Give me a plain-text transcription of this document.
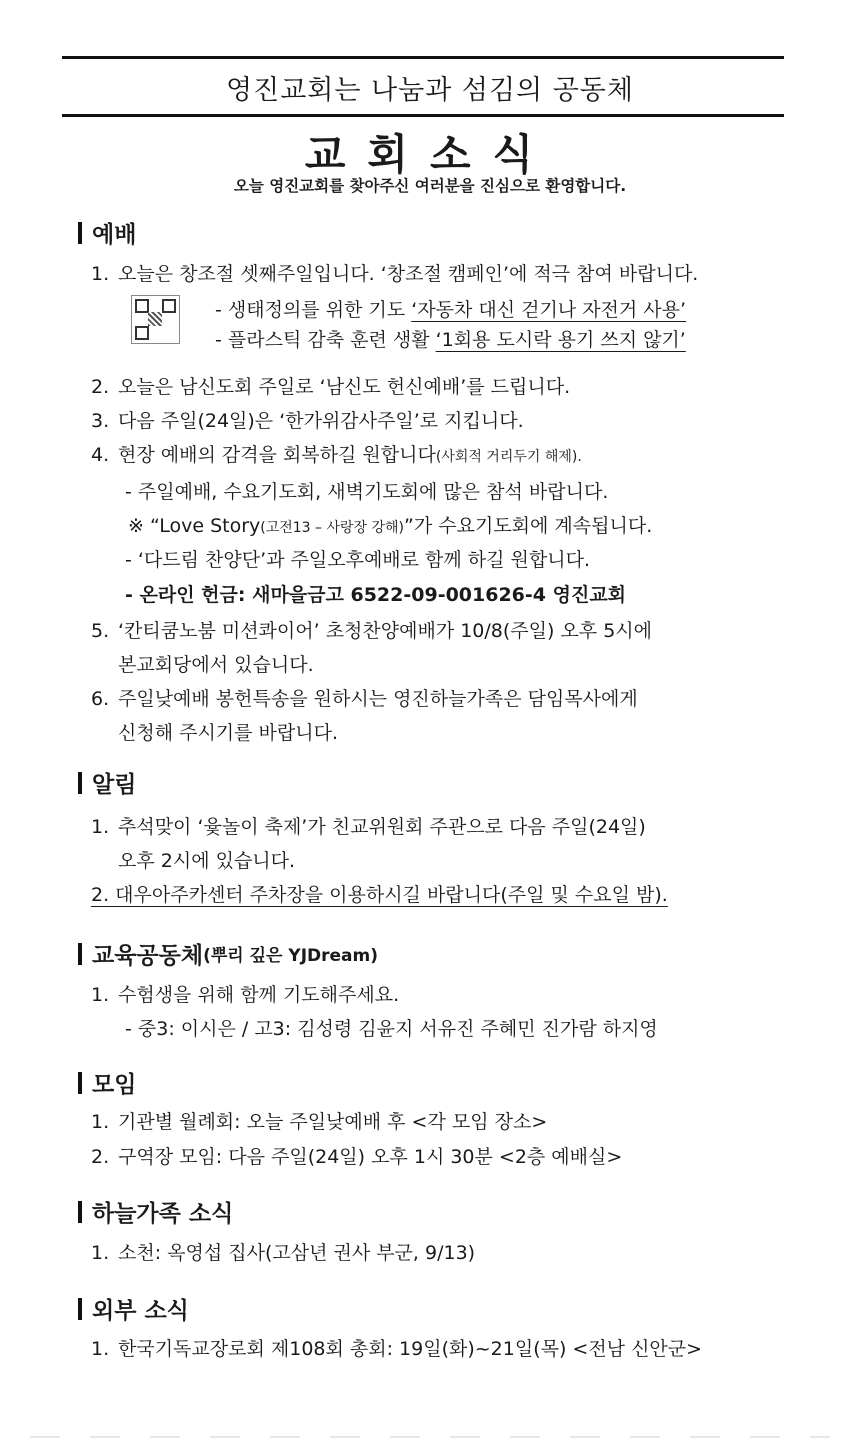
영진교회는 나눔과 섬김의 공동체
교회소식
오늘 영진교회를 찾아주신 여러분을 진심으로 환영합니다.
예배
1. 오늘은 창조절 셋째주일입니다. ‘창조절 캠페인’에 적극 참여 바랍니다.
- 생태정의를 위한 기도 ‘자동차 대신 걷기나 자전거 사용’
- 플라스틱 감축 훈련 생활 ‘1회용 도시락 용기 쓰지 않기’
2. 오늘은 남신도회 주일로 ‘남신도 헌신예배’를 드립니다.
3. 다음 주일(24일)은 ‘한가위감사주일’로 지킵니다.
4. 현장 예배의 감격을 회복하길 원합니다(사회적 거리두기 해제).
- 주일예배, 수요기도회, 새벽기도회에 많은 참석 바랍니다.
※ “Love Story(고전13 – 사랑장 강해)”가 수요기도회에 계속됩니다.
- ‘다드림 찬양단’과 주일오후예배로 함께 하길 원합니다.
- 온라인 헌금: 새마을금고 6522-09-001626-4 영진교회
5. ‘칸티쿰노붐 미션콰이어’ 초청찬양예배가 10/8(주일) 오후 5시에
본교회당에서 있습니다.
6. 주일낮예배 봉헌특송을 원하시는 영진하늘가족은 담임목사에게
신청해 주시기를 바랍니다.
알림
1. 추석맞이 ‘윷놀이 축제’가 친교위원회 주관으로 다음 주일(24일)
오후 2시에 있습니다.
2. 대우아주카센터 주차장을 이용하시길 바랍니다(주일 및 수요일 밤).
교육공동체 (뿌리 깊은 YJDream)
1. 수험생을 위해 함께 기도해주세요.
- 중3: 이시은 / 고3: 김성령 김윤지 서유진 주혜민 진가람 하지영
모임
1. 기관별 월례회: 오늘 주일낮예배 후 <각 모임 장소>
2. 구역장 모임: 다음 주일(24일) 오후 1시 30분 <2층 예배실>
하늘가족 소식
1. 소천: 옥영섭 집사(고삼년 권사 부군, 9/13)
외부 소식
1. 한국기독교장로회 제108회 총회: 19일(화)~21일(목) <전남 신안군>
